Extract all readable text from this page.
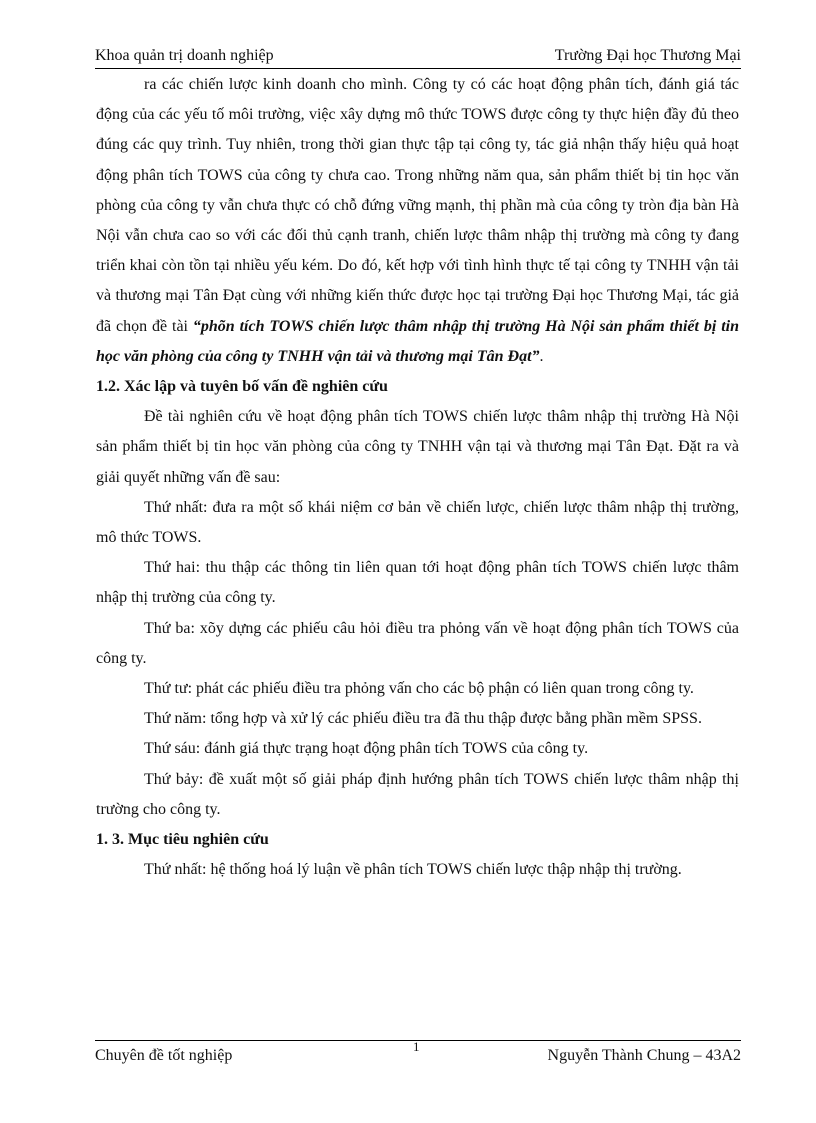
Khoa quản trị doanh nghiệp	Trường Đại học Thương Mại

ra các chiến lược kinh doanh cho mình. Công ty có các hoạt động phân tích, đánh giá tác động của các yếu tố môi trường, việc xây dựng mô thức TOWS được công ty thực hiện đầy đủ theo đúng các quy trình. Tuy nhiên, trong thời gian thực tập tại công ty, tác giả nhận thấy hiệu quả hoạt động phân tích TOWS của công ty chưa cao. Trong những năm qua, sản phẩm thiết bị tin học văn phòng của công ty vẫn chưa thực có chỗ đứng vững mạnh, thị phần mà của công ty tròn địa bàn Hà Nội vẫn chưa cao so với các đối thủ cạnh tranh, chiến lược thâm nhập thị trường mà công ty đang triển khai còn tồn tại nhiều yếu kém. Do đó, kết hợp với tình hình thực tế tại công ty TNHH vận tải và thương mại Tân Đạt cùng với những kiến thức được học tại trường Đại học Thương Mại, tác giả đã chọn đề tài “phõn tích TOWS chiến lược thâm nhập thị trường Hà Nội sản phẩm thiết bị tin học văn phòng của công ty TNHH vận tải và thương mại Tân Đạt”.

1.2. Xác lập và tuyên bố vấn đề nghiên cứu

Đề tài nghiên cứu về hoạt động phân tích TOWS chiến lược thâm nhập thị trường Hà Nội sản phẩm thiết bị tin học văn phòng của công ty TNHH vận tại và thương mại Tân Đạt. Đặt ra và giải quyết những vấn đề sau:

Thứ nhất: đưa ra một số khái niệm cơ bản về chiến lược, chiến lược thâm nhập thị trường, mô thức TOWS.

Thứ hai: thu thập các thông tin liên quan tới hoạt động phân tích TOWS chiến lược thâm nhập thị trường của công ty.

Thứ ba: xõy dựng các phiếu câu hỏi điều tra phỏng vấn về hoạt động phân tích TOWS của công ty.

Thứ tư: phát các phiếu điều tra phỏng vấn cho các bộ phận có liên quan trong công ty.

Thứ năm: tổng hợp và xử lý các phiếu điều tra đã thu thập được bằng phần mềm SPSS.

Thứ sáu: đánh giá thực trạng hoạt động phân tích TOWS của công ty.

Thứ bảy: đề xuất một số giải pháp định hướng phân tích TOWS chiến lược thâm nhập thị trường cho công ty.

1. 3. Mục tiêu nghiên cứu

Thứ nhất: hệ thống hoá lý luận về phân tích TOWS chiến lược thập nhập thị trường.

Chuyên đề tốt nghiệp
1
Nguyễn Thành Chung – 43A2
